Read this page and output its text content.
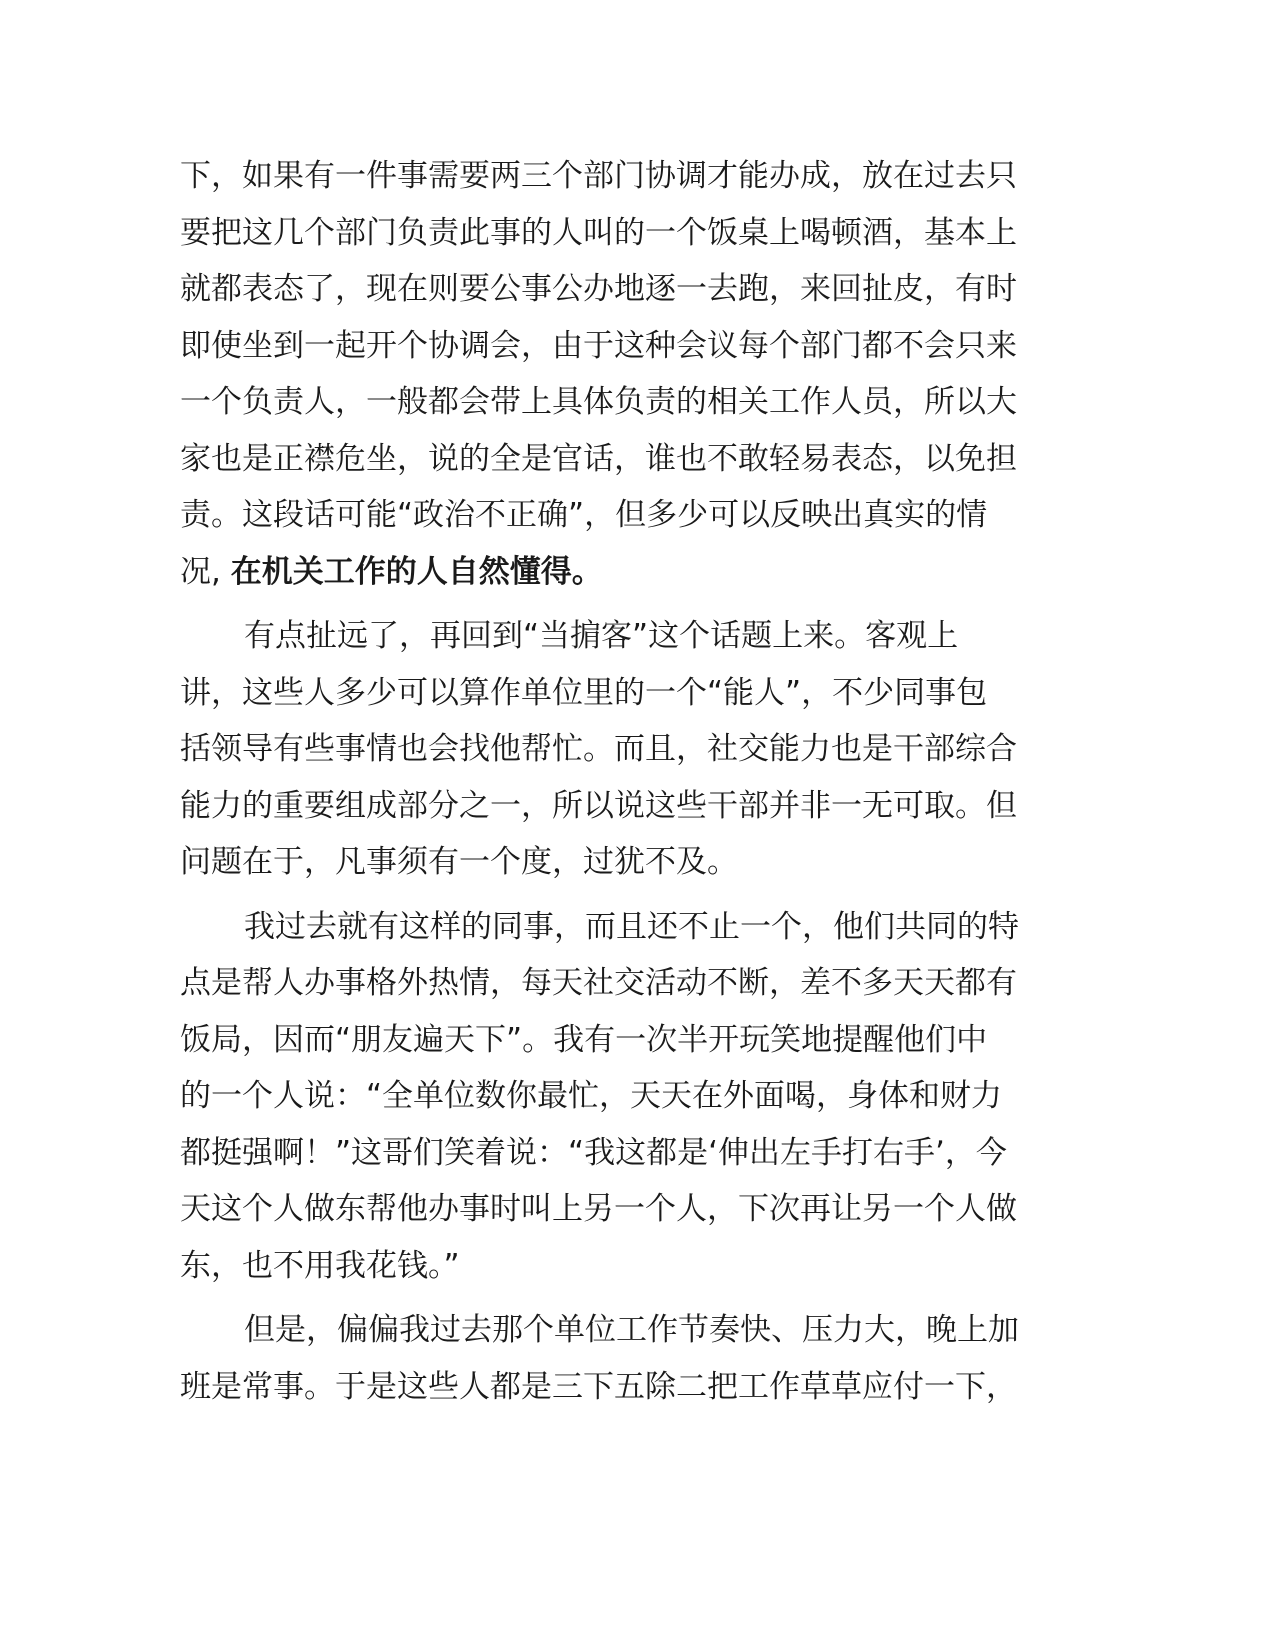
下，如果有一件事需要两三个部门协调才能办成，放在过去只
要把这几个部门负责此事的人叫的一个饭桌上喝顿酒，基本上
就都表态了，现在则要公事公办地逐一去跑，来回扯皮，有时
即使坐到一起开个协调会，由于这种会议每个部门都不会只来
一个负责人，一般都会带上具体负责的相关工作人员，所以大
家也是正襟危坐，说的全是官话，谁也不敢轻易表态，以免担
责。这段话可能“政治不正确”，但多少可以反映出真实的情
况, 在机关工作的人自然懂得。
有点扯远了，再回到“当掮客”这个话题上来。客观上
讲，这些人多少可以算作单位里的一个“能人”，不少同事包
括领导有些事情也会找他帮忙。而且，社交能力也是干部综合
能力的重要组成部分之一，所以说这些干部并非一无可取。但
问题在于，凡事须有一个度，过犹不及。
我过去就有这样的同事，而且还不止一个，他们共同的特
点是帮人办事格外热情，每天社交活动不断，差不多天天都有
饭局，因而“朋友遍天下”。我有一次半开玩笑地提醒他们中
的一个人说：“全单位数你最忙，天天在外面喝，身体和财力
都挺强啊！”这哥们笑着说：“我这都是‘伸出左手打右手’，今
天这个人做东帮他办事时叫上另一个人，下次再让另一个人做
东，也不用我花钱。”
但是，偏偏我过去那个单位工作节奏快、压力大，晚上加
班是常事。于是这些人都是三下五除二把工作草草应付一下，
